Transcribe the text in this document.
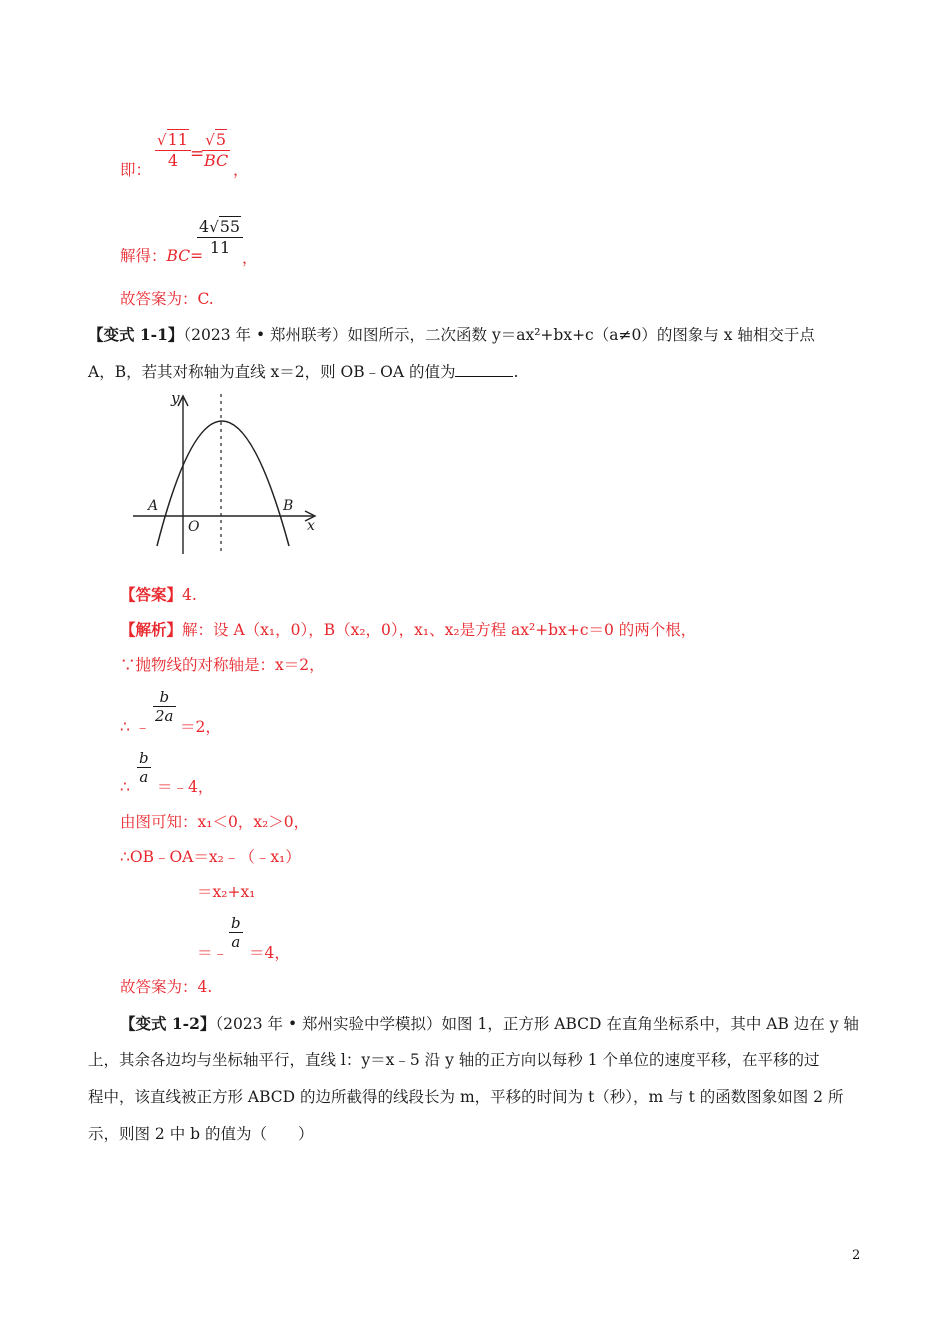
即：
√11
4 =
√5
BC ，
解得：BC=
4√55
11
，
故答案为：C.
【变式 1-1】（2023 年 • 郑州联考）如图所示，二次函数 y＝ax²+bx+c（a≠0）的图象与 x 轴相交于点
A，B，若其对称轴为直线 x＝2，则 OB﹣OA 的值为	.
y
x
O
A	B
【答案】4.
【解析】解：设 A（x₁，0），B（x₂，0），x₁、x₂是方程 ax²+bx+c＝0 的两个根，
∵抛物线的对称轴是：x＝2，
∴ ﹣
b
2a
＝2，
∴
b
a
＝﹣4，
由图可知：x₁＜0，x₂＞0，
∴OB﹣OA＝x₂﹣（﹣x₁）
＝x₂+x₁
＝﹣
b
a
＝4，
故答案为：4.
【变式 1-2】（2023 年 • 郑州实验中学模拟）如图 1，正方形 ABCD 在直角坐标系中，其中 AB 边在 y 轴
上，其余各边均与坐标轴平行，直线 l：y＝x﹣5 沿 y 轴的正方向以每秒 1 个单位的速度平移，在平移的过
程中，该直线被正方形 ABCD 的边所截得的线段长为 m，平移的时间为 t（秒），m 与 t 的函数图象如图 2 所
示，则图 2 中 b 的值为（　　）
2
